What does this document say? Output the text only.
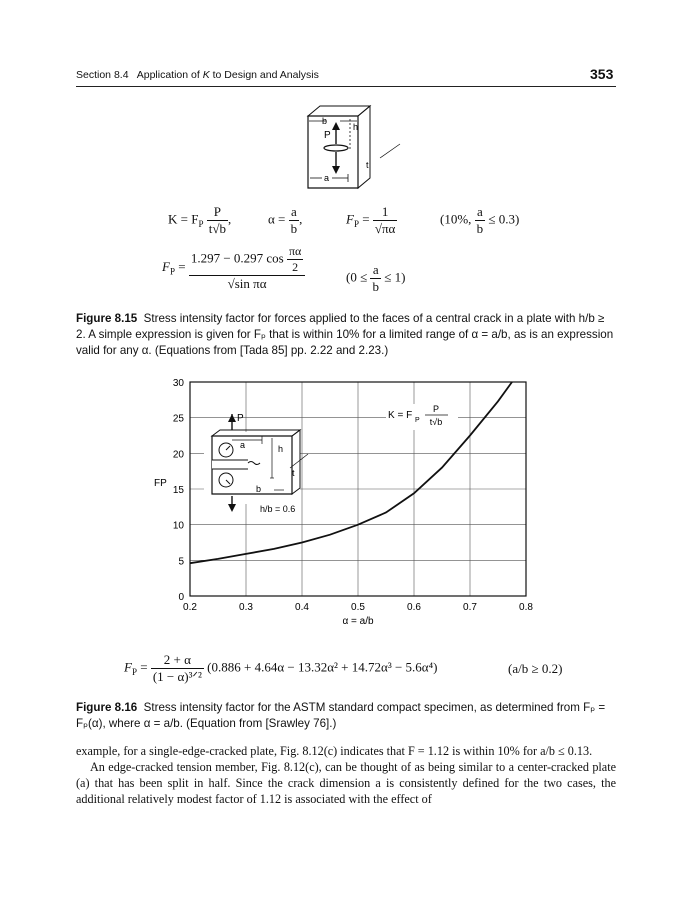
Section 8.4 Application of K to Design and Analysis	353
b
h
P
a
t
$K = F_P \frac{P}{t√b}$ ,	$\alpha = \frac{a}{b}$ ,	$F_P = \frac{1}{√\pi\alpha}$	(10%, $\frac{a}{b} \le 0.3$)
$F_P = \frac{1.297 - 0.297 \cos \frac{\pi\alpha}{2}}{\text{√sin πα}}$	$(0 \le \frac{a}{b} \le 1)$
Figure 8.15 Stress intensity factor for forces applied to the faces of a central crack in a plate with h/b ≥ 2. A simple expression is given for Fₚ that is within 10% for a limited range of α = a/b, as is an expression valid for any α. (Equations from [Tada 85] pp. 2.22 and 2.23.)
0.2	0.3	0.4	0.5	0.6	0.7	0.8
0
5
10
15
20
25
30
FP
α = a/b
K = F P
P
t√b
P
a	h
t
b
h/b = 0.6
$F_P = \frac{2 + \alpha}{\text{(1 − α)³ᐟ²}} (0.886 + 4.64\alpha - 13.32\alpha^2 + 14.72\alpha^3 - 5.6\alpha^4)$	(a/b ≥ 0.2)
Figure 8.16 Stress intensity factor for the ASTM standard compact specimen, as determined from Fₚ = Fₚ(α), where α = a/b. (Equation from [Srawley 76].)

example, for a single-edge-cracked plate, Fig. 8.12(c) indicates that F = 1.12 is within 10% for a/b ≤ 0.13.

An edge-cracked tension member, Fig. 8.12(c), can be thought of as being similar to a center-cracked plate (a) that has been split in half. Since the crack dimension a is consistently defined for the two cases, the additional relatively modest factor of 1.12 is associated with the effect of
